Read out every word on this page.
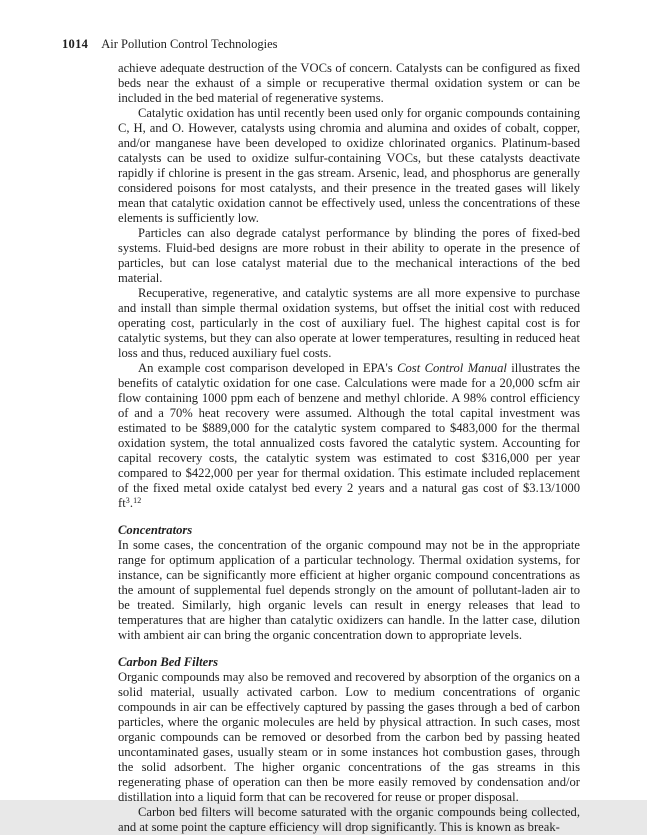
1014 Air Pollution Control Technologies

achieve adequate destruction of the VOCs of concern. Catalysts can be configured as fixed beds near the exhaust of a simple or recuperative thermal oxidation system or can be included in the bed material of regenerative systems.

Catalytic oxidation has until recently been used only for organic compounds containing C, H, and O. However, catalysts using chromia and alumina and oxides of cobalt, copper, and/or manganese have been developed to oxidize chlorinated organics. Platinum-based catalysts can be used to oxidize sulfur-containing VOCs, but these catalysts deactivate rapidly if chlorine is present in the gas stream. Arsenic, lead, and phosphorus are generally considered poisons for most catalysts, and their presence in the treated gases will likely mean that catalytic oxidation cannot be effectively used, unless the concentrations of these elements is sufficiently low.

Particles can also degrade catalyst performance by blinding the pores of fixed-bed systems. Fluid-bed designs are more robust in their ability to operate in the presence of particles, but can lose catalyst material due to the mechanical interactions of the bed material.

Recuperative, regenerative, and catalytic systems are all more expensive to purchase and install than simple thermal oxidation systems, but offset the initial cost with reduced operating cost, particularly in the cost of auxiliary fuel. The highest capital cost is for catalytic systems, but they can also operate at lower temperatures, resulting in reduced heat loss and thus, reduced auxiliary fuel costs.

An example cost comparison developed in EPA's Cost Control Manual illustrates the benefits of catalytic oxidation for one case. Calculations were made for a 20,000 scfm air flow containing 1000 ppm each of benzene and methyl chloride. A 98% control efficiency of and a 70% heat recovery were assumed. Although the total capital investment was estimated to be $889,000 for the catalytic system compared to $483,000 for the thermal oxidation system, the total annualized costs favored the catalytic system. Accounting for capital recovery costs, the catalytic system was estimated to cost $316,000 per year compared to $422,000 per year for thermal oxidation. This estimate included replacement of the fixed metal oxide catalyst bed every 2 years and a natural gas cost of $3.13/1000 $ft^3.^{12}$

Concentrators

In some cases, the concentration of the organic compound may not be in the appropriate range for optimum application of a particular technology. Thermal oxidation systems, for instance, can be significantly more efficient at higher organic compound concentrations as the amount of supplemental fuel depends strongly on the amount of pollutant-laden air to be treated. Similarly, high organic levels can result in energy releases that lead to temperatures that are higher than catalytic oxidizers can handle. In the latter case, dilution with ambient air can bring the organic concentration down to appropriate levels.

Carbon Bed Filters

Organic compounds may also be removed and recovered by absorption of the organics on a solid material, usually activated carbon. Low to medium concentrations of organic compounds in air can be effectively captured by passing the gases through a bed of carbon particles, where the organic molecules are held by physical attraction. In such cases, most organic compounds can be removed or desorbed from the carbon bed by passing heated uncontaminated gases, usually steam or in some instances hot combustion gases, through the solid adsorbent. The higher organic concentrations of the gas streams in this regenerating phase of operation can then be more easily removed by condensation and/or distillation into a liquid form that can be recovered for reuse or proper disposal.

Carbon bed filters will become saturated with the organic compounds being collected, and at some point the capture efficiency will drop significantly. This is known as break-
